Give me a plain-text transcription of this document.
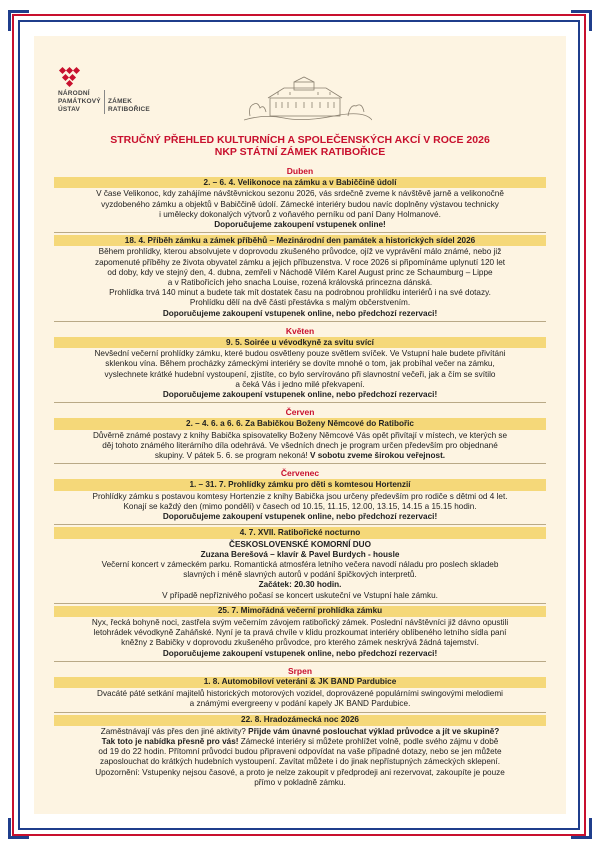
NÁRODNÍ
PAMÁTKOVÝ
ÚSTAV
ZÁMEK
RATIBOŘICE
STRUČNÝ PŘEHLED KULTURNÍCH A SPOLEČENSKÝCH AKCÍ V ROCE 2026
NKP STÁTNÍ ZÁMEK RATIBOŘICE
Duben
2. – 6. 4. Velikonoce na zámku a v Babiččině údolí
V čase Velikonoc, kdy zahájíme návštěvnickou sezonu 2026, vás srdečně zveme k návštěvě jarně a velikonočně
vyzdobeného zámku a objektů v Babiččině údolí. Zámecké interiéry budou navíc doplněny výstavou technicky
i umělecky dokonalých výtvorů z voňavého perníku od paní Dany Holmanové.
Doporučujeme zakoupení vstupenek online!
18. 4. Příběh zámku a zámek příběhů – Mezinárodní den památek a historických sídel 2026
Během prohlídky, kterou absolvujete v doprovodu zkušeného průvodce, ojíž ve vyprávění málo známé, nebo již
zapomenuté příběhy ze života obyvatel zámku a jejich příbuzenstva. V roce 2026 si připomínáme uplynutí 120 let
od doby, kdy ve stejný den, 4. dubna, zemřeli v Náchodě Vilém Karel August princ ze Schaumburg – Lippe
a v Ratibořicích jeho snacha Louise, rozená královská princezna dánská.
Prohlídka trvá 140 minut a budete tak mít dostatek času na podrobnou prohlídku interiérů i na své dotazy.
Prohlídku dělí na dvě části přestávka s malým občerstvením.
Doporučujeme zakoupení vstupenek online, nebo předchozí rezervaci!
Květen
9. 5. Soirée u vévodkyně za svitu svící
Nevšední večerní prohlídky zámku, které budou osvětleny pouze světlem svíček. Ve Vstupní hale budete přivítáni
sklenkou vína. Během procházky zámeckými interiéry se dovíte mnohé o tom, jak probíhal večer na zámku,
vyslechnete krátké hudební vystoupení, zjistíte, co bylo servírováno při slavnostní večeři, jak a čím se svítilo
a čeká Vás i jedno milé překvapení.
Doporučujeme zakoupení vstupenek online, nebo předchozí rezervaci!
Červen
2. – 4. 6. a 6. 6. Za Babičkou Boženy Němcové do Ratibořic
Důvěrně známé postavy z knihy Babička spisovatelky Boženy Němcové Vás opět přivítají v místech, ve kterých se
děj tohoto známého literárního díla odehrává. Ve všedních dnech je program určen především pro objednané
skupiny. V pátek 5. 6. se program nekoná! V sobotu zveme širokou veřejnost.
Červenec
1. – 31. 7. Prohlídky zámku pro děti s komtesou Hortenzií
Prohlídky zámku s postavou komtesy Hortenzie z knihy Babička jsou určeny především pro rodiče s dětmi od 4 let.
Konají se každý den (mimo pondělí) v časech od 10.15, 11.15, 12.00, 13.15, 14.15 a 15.15 hodin.
Doporučujeme zakoupení vstupenek online, nebo předchozí rezervaci!
4. 7. XVII. Ratibořické nocturno
ČESKOSLOVENSKÉ KOMORNÍ DUO
Zuzana Berešová – klavír & Pavel Burdych - housle
Večerní koncert v zámeckém parku. Romantická atmosféra letního večera navodí náladu pro poslech skladeb
slavných i méně slavných autorů v podání špičkových interpretů.
Začátek: 20.30 hodin.
V případě nepříznivého počasí se koncert uskuteční ve Vstupní hale zámku.
25. 7. Mimořádná večerní prohlídka zámku
Nyx, řecká bohyně noci, zastřela svým večerním závojem ratibořický zámek. Poslední návštěvníci již dávno opustili
letohrádek vévodkyně Zaháňské. Nyní je ta pravá chvíle v klidu prozkoumat interiéry oblíbeného letního sídla paní
kněžny z Babičky v doprovodu zkušeného průvodce, pro kterého zámek neskrývá žádná tajemství.
Doporučujeme zakoupení vstupenek online, nebo předchozí rezervaci!
Srpen
1. 8. Automobiloví veteráni & JK BAND Pardubice
Dvacáté páté setkání majitelů historických motorových vozidel, doprovázené populárními swingovými melodiemi
a známými evergreeny v podání kapely JK BAND Pardubice.
22. 8. Hradozámecká noc 2026
Zaměstnávají vás přes den jiné aktivity? Přijde vám únavné poslouchat výklad průvodce a jít ve skupině?
Tak toto je nabídka přesně pro vás! Zámecké interiéry si můžete prohlížet volně, podle svého zájmu v době
od 19 do 22 hodin. Přítomní průvodci budou připraveni odpovídat na vaše případné dotazy, nebo se jen můžete
zaposlouchat do krátkých hudebních vystoupení. Zavítat můžete i do jinak nepřístupných zámeckých sklepení.
Upozornění: Vstupenky nejsou časové, a proto je nelze zakoupit v předprodeji ani rezervovat, zakoupíte je pouze
přímo v pokladně zámku.
